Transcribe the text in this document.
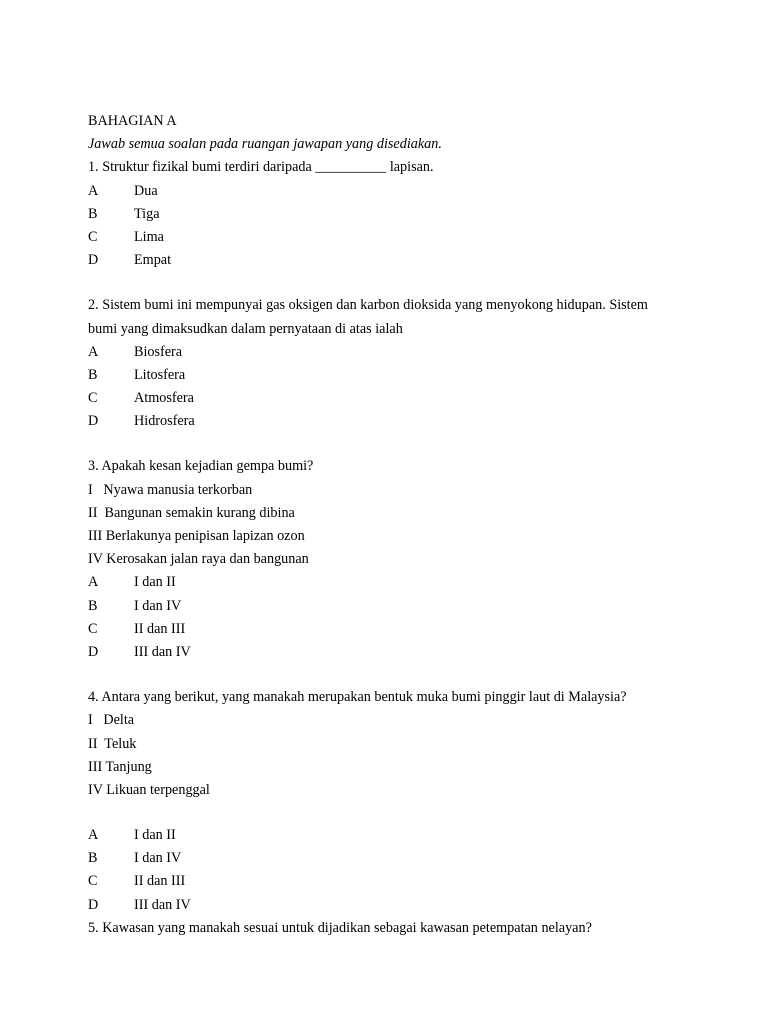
BAHAGIAN A
Jawab semua soalan pada ruangan jawapan yang disediakan.
1. Struktur fizikal bumi terdiri daripada __________ lapisan.
A	Dua
B	Tiga
C	Lima
D	Empat
2. Sistem bumi ini mempunyai gas oksigen dan karbon dioksida yang menyokong hidupan. Sistem bumi yang dimaksudkan dalam pernyataan di atas ialah
A	Biosfera
B	Litosfera
C	Atmosfera
D	Hidrosfera
3. Apakah kesan kejadian gempa bumi?
I   Nyawa manusia terkorban
II  Bangunan semakin kurang dibina
III Berlakunya penipisan lapizan ozon
IV Kerosakan jalan raya dan bangunan
A	I dan II
B	I dan IV
C	II dan III
D	III dan IV
4. Antara yang berikut, yang manakah merupakan bentuk muka bumi pinggir laut di Malaysia?
I   Delta
II  Teluk
III Tanjung
IV Likuan terpenggal
A	I dan II
B	I dan IV
C	II dan III
D	III dan IV
5. Kawasan yang manakah sesuai untuk dijadikan sebagai kawasan petempatan nelayan?
